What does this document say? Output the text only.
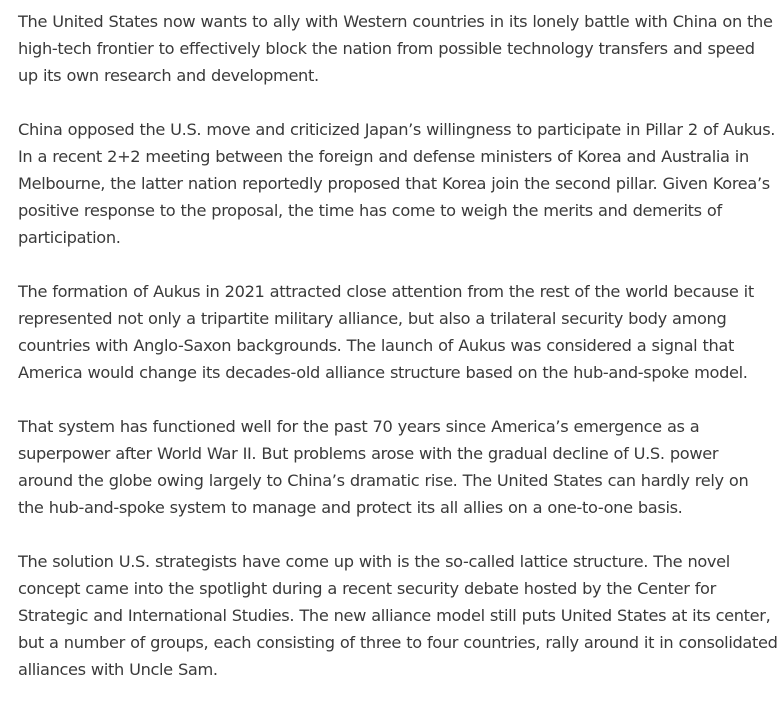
The United States now wants to ally with Western countries in its lonely battle with China on the high-tech frontier to effectively block the nation from possible technology transfers and speed up its own research and development.

China opposed the U.S. move and criticized Japan’s willingness to participate in Pillar 2 of Aukus. In a recent 2+2 meeting between the foreign and defense ministers of Korea and Australia in Melbourne, the latter nation reportedly proposed that Korea join the second pillar. Given Korea’s positive response to the proposal, the time has come to weigh the merits and demerits of participation.

The formation of Aukus in 2021 attracted close attention from the rest of the world because it represented not only a tripartite military alliance, but also a trilateral security body among countries with Anglo-Saxon backgrounds. The launch of Aukus was considered a signal that America would change its decades-old alliance structure based on the hub-and-spoke model.

That system has functioned well for the past 70 years since America’s emergence as a superpower after World War II. But problems arose with the gradual decline of U.S. power around the globe owing largely to China’s dramatic rise. The United States can hardly rely on the hub-and-spoke system to manage and protect its all allies on a one-to-one basis.

The solution U.S. strategists have come up with is the so-called lattice structure. The novel concept came into the spotlight during a recent security debate hosted by the Center for Strategic and International Studies. The new alliance model still puts United States at its center, but a number of groups, each consisting of three to four countries, rally around it in consolidated alliances with Uncle Sam.
